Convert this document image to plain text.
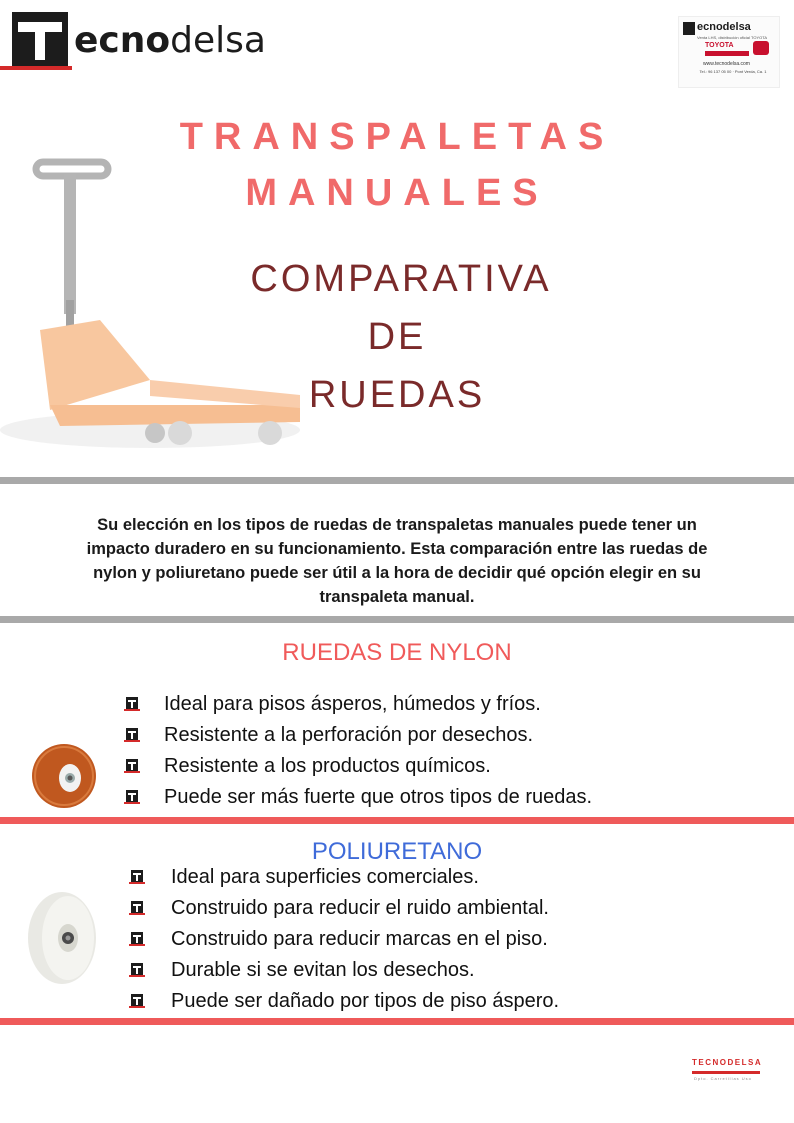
ecnodelsa	ecnodelsa
Venta LHS, distribución oficial TOYOTA
TOYOTA
www.tecnodelsa.com
Tel.: 96 137 05 00 · Pont Verda, Ca. 1
TRANSPALETAS
MANUALES
COMPARATIVA
DE
RUEDAS
Su elección en los tipos de ruedas de transpaletas manuales puede tener un impacto duradero en su funcionamiento. Esta comparación entre las ruedas de nylon y poliuretano puede ser útil a la hora de decidir qué opción elegir en su transpaleta manual.
RUEDAS DE NYLON
Ideal para pisos ásperos, húmedos y fríos.
Resistente a la perforación por desechos.
Resistente a los productos químicos.
Puede ser más fuerte que otros tipos de ruedas.
POLIURETANO
Ideal para superficies comerciales.
Construido para reducir el ruido ambiental.
Construido para reducir marcas en el piso.
Durable si se evitan los desechos.
Puede ser dañado por tipos de piso áspero.
TECNODELSA
Dpto. Carretillas Uso
